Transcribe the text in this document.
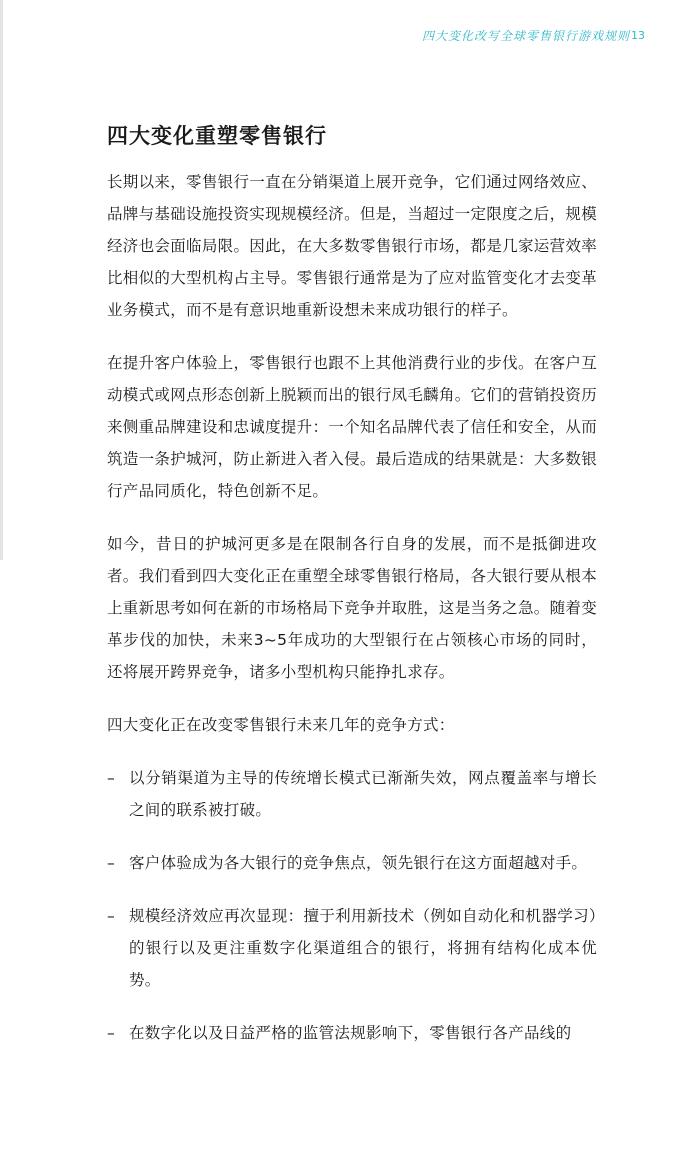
四大变化改写全球零售银行游戏规则 13
四大变化重塑零售银行

长期以来，零售银行一直在分销渠道上展开竞争，它们通过网络效应、品牌与基础设施投资实现规模经济。但是，当超过一定限度之后，规模经济也会面临局限。因此，在大多数零售银行市场，都是几家运营效率比相似的大型机构占主导。零售银行通常是为了应对监管变化才去变革业务模式，而不是有意识地重新设想未来成功银行的样子。

在提升客户体验上，零售银行也跟不上其他消费行业的步伐。在客户互动模式或网点形态创新上脱颖而出的银行凤毛麟角。它们的营销投资历来侧重品牌建设和忠诚度提升：一个知名品牌代表了信任和安全，从而筑造一条护城河，防止新进入者入侵。最后造成的结果就是：大多数银行产品同质化，特色创新不足。

如今，昔日的护城河更多是在限制各行自身的发展，而不是抵御进攻者。我们看到四大变化正在重塑全球零售银行格局，各大银行要从根本上重新思考如何在新的市场格局下竞争并取胜，这是当务之急。随着变革步伐的加快，未来3~5年成功的大型银行在占领核心市场的同时，还将展开跨界竞争，诸多小型机构只能挣扎求存。

四大变化正在改变零售银行未来几年的竞争方式：

– 以分销渠道为主导的传统增长模式已渐渐失效，网点覆盖率与增长之间的联系被打破。
– 客户体验成为各大银行的竞争焦点，领先银行在这方面超越对手。
– 规模经济效应再次显现：擅于利用新技术（例如自动化和机器学习）的银行以及更注重数字化渠道组合的银行，将拥有结构化成本优势。
– 在数字化以及日益严格的监管法规影响下，零售银行各产品线的
